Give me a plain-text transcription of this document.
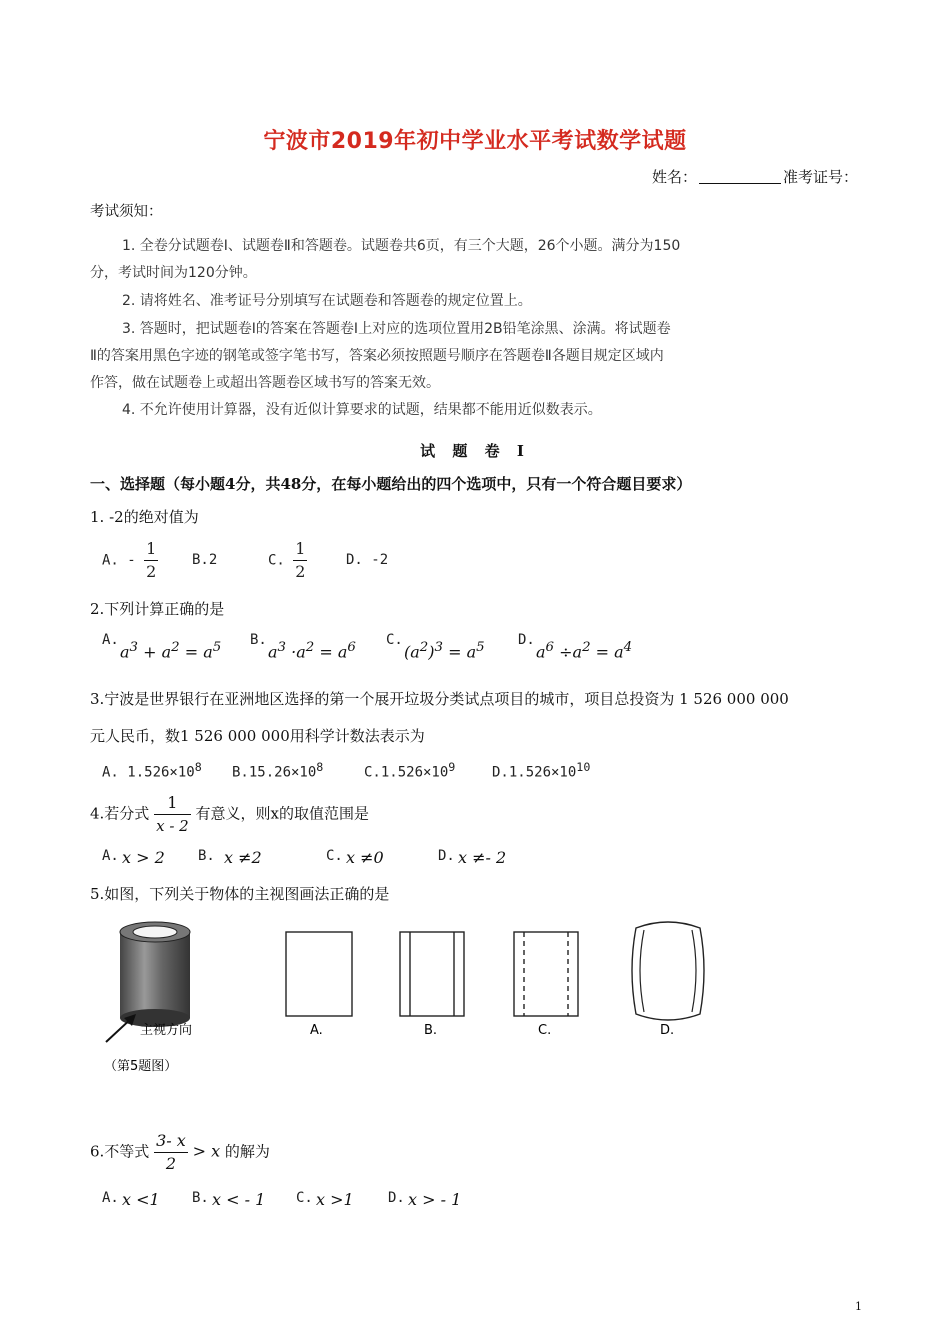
宁波市2019年初中学业水平考试数学试题
姓名：	准考证号：
考试须知：
1. 全卷分试题卷Ⅰ、试题卷Ⅱ和答题卷。试题卷共6页，有三个大题，26个小题。满分为150
分，考试时间为120分钟。
2. 请将姓名、准考证号分别填写在试题卷和答题卷的规定位置上。
3. 答题时，把试题卷Ⅰ的答案在答题卷Ⅰ上对应的选项位置用2B铅笔涂黑、涂满。将试题卷
Ⅱ的答案用黑色字迹的钢笔或签字笔书写，答案必须按照题号顺序在答题卷Ⅱ各题目规定区域内
作答，做在试题卷上或超出答题卷区域书写的答案无效。
4. 不允许使用计算器，没有近似计算要求的试题，结果都不能用近似数表示。
试 题 卷 Ⅰ
一、选择题（每小题4分，共48分，在每小题给出的四个选项中，只有一个符合题目要求）
1. -2的绝对值为
A. - $\frac{1}{2} B.2$	C. $\frac{1}{2}$	D. -2
2.下列计算正确的是
A.
$a^3 + a^2 = a^5$ B.
$a^3 \cdot a^2 = a^6$ C.
$(a^2)^3 = a^5$ D.
$a^6 \div a^2 = a^4$
3.宁波是世界银行在亚洲地区选择的第一个展开垃圾分类试点项目的城市，项目总投资为 1 526 000 000
元人民币，数1 526 000 000用科学计数法表示为
A. $1.526\times 10^8$ $B.15.26\times 10^8$	$C.1.526\times 10^9$	$D.1.526\times 10^{10}$
4.若分式 $\frac{1}{x - 2}$ 有意义，则x的取值范围是
A. x > 2 B. x ≠2	C. x ≠0	D. x ≠- 2
5.如图，下列关于物体的主视图画法正确的是
主视方向
（第5题图）
A.	B.	C.	D.
6.不等式 $\frac{3- x}{2} > x$ 的解为
A. x <1 B. x < - 1 C. x >1 D. x > - 1
1
